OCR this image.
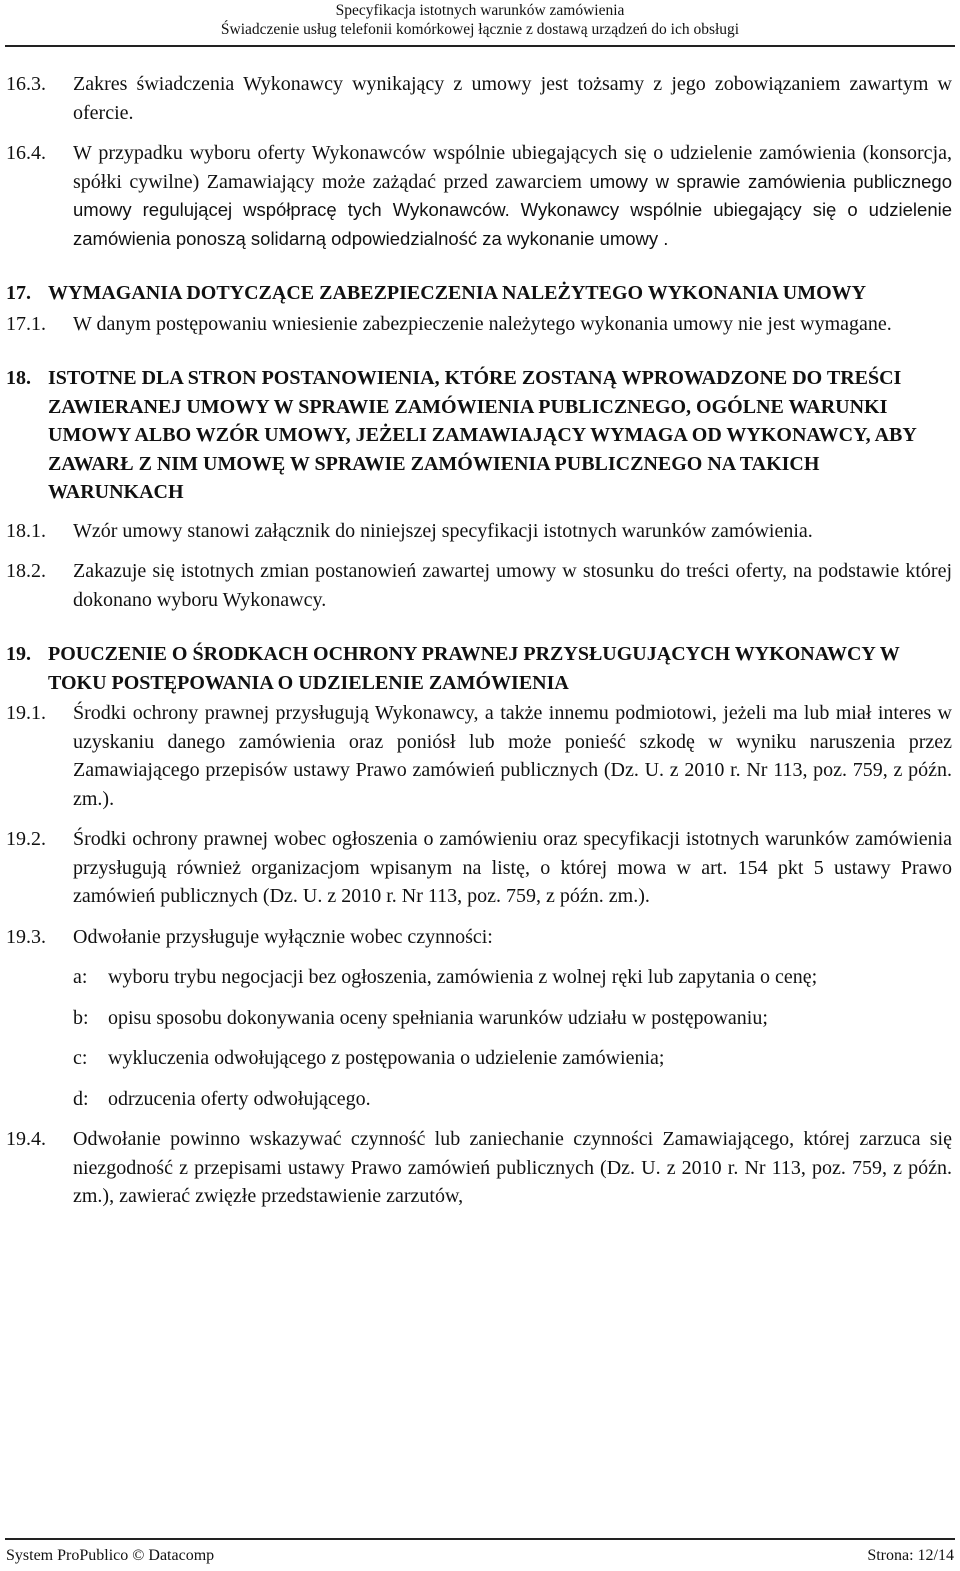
Specyfikacja istotnych warunków zamówienia
Świadczenie usług telefonii komórkowej łącznie z dostawą urządzeń do ich obsługi
16.3.	Zakres świadczenia Wykonawcy wynikający z umowy jest tożsamy z jego zobowiązaniem zawartym w ofercie.
16.4.	W przypadku wyboru oferty Wykonawców wspólnie ubiegających się o udzielenie zamówienia (konsorcja, spółki cywilne) Zamawiający może zażądać przed zawarciem umowy w sprawie zamówienia publicznego umowy regulującej współpracę tych Wykonawców. Wykonawcy wspólnie ubiegający się o udzielenie zamówienia ponoszą solidarną odpowiedzialność za wykonanie umowy .
17. WYMAGANIA DOTYCZĄCE ZABEZPIECZENIA NALEŻYTEGO WYKONANIA UMOWY
17.1.	W danym postępowaniu wniesienie zabezpieczenie należytego wykonania umowy nie jest wymagane.
18. ISTOTNE DLA STRON POSTANOWIENIA, KTÓRE ZOSTANĄ WPROWADZONE DO TREŚCI ZAWIERANEJ UMOWY W SPRAWIE ZAMÓWIENIA PUBLICZNEGO, OGÓLNE WARUNKI UMOWY ALBO WZÓR UMOWY, JEŻELI ZAMAWIAJĄCY WYMAGA OD WYKONAWCY, ABY ZAWARŁ Z NIM UMOWĘ W SPRAWIE ZAMÓWIENIA PUBLICZNEGO NA TAKICH WARUNKACH
18.1.	Wzór umowy stanowi załącznik do niniejszej specyfikacji istotnych warunków zamówienia.
18.2.	Zakazuje się istotnych zmian postanowień zawartej umowy w stosunku do treści oferty, na podstawie której dokonano wyboru Wykonawcy.
19. POUCZENIE O ŚRODKACH OCHRONY PRAWNEJ PRZYSŁUGUJĄCYCH WYKONAWCY W TOKU POSTĘPOWANIA O UDZIELENIE ZAMÓWIENIA
19.1.	Środki ochrony prawnej przysługują Wykonawcy, a także innemu podmiotowi, jeżeli ma lub miał interes w uzyskaniu danego zamówienia oraz poniósł lub może ponieść szkodę w wyniku naruszenia przez Zamawiającego przepisów ustawy Prawo zamówień publicznych (Dz. U. z 2010 r. Nr 113, poz. 759, z późn. zm.).
19.2.	Środki ochrony prawnej wobec ogłoszenia o zamówieniu oraz specyfikacji istotnych warunków zamówienia przysługują również organizacjom wpisanym na listę, o której mowa w art. 154 pkt 5 ustawy Prawo zamówień publicznych (Dz. U. z 2010 r. Nr 113, poz. 759, z późn. zm.).
19.3.	Odwołanie przysługuje wyłącznie wobec czynności:
a:	wyboru trybu negocjacji bez ogłoszenia, zamówienia z wolnej ręki lub zapytania o cenę;
b: opisu sposobu dokonywania oceny spełniania warunków udziału w postępowaniu;
c:	wykluczenia odwołującego z postępowania o udzielenie zamówienia;
d: odrzucenia oferty odwołującego.
19.4.	Odwołanie powinno wskazywać czynność lub zaniechanie czynności Zamawiającego, której zarzuca się niezgodność z przepisami ustawy Prawo zamówień publicznych (Dz. U. z 2010 r. Nr 113, poz. 759, z późn. zm.), zawierać zwięzłe przedstawienie zarzutów,
System ProPublico © Datacomp	Strona: 12/14
